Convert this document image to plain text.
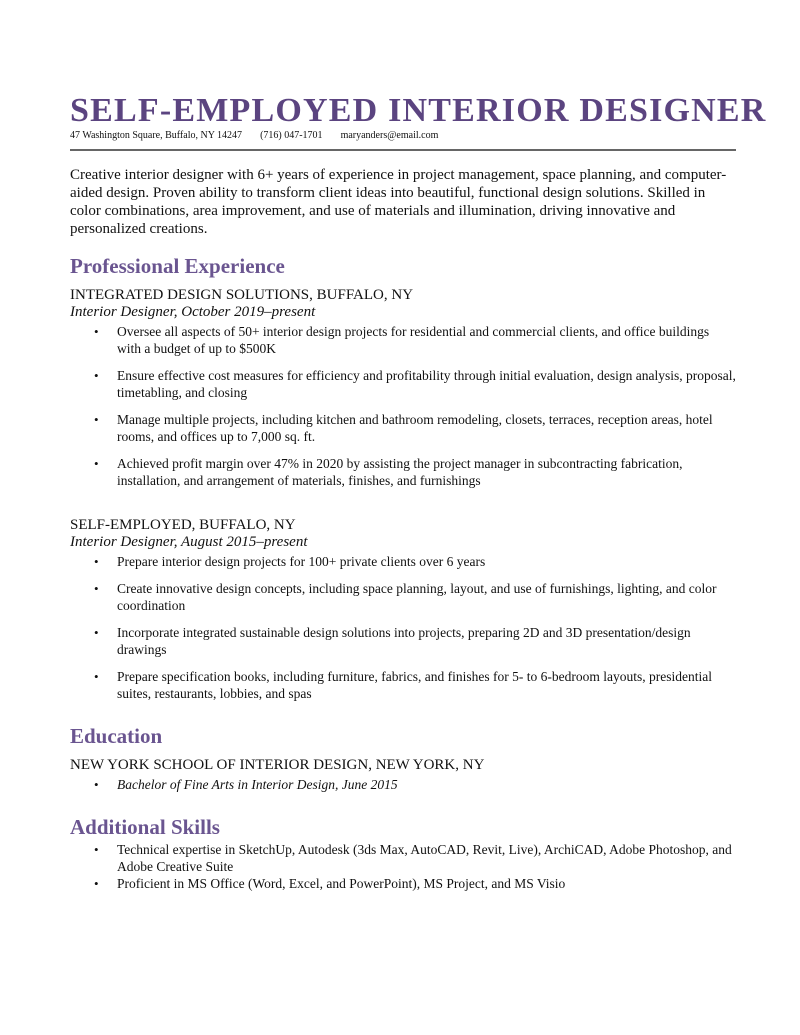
SELF-EMPLOYED INTERIOR DESIGNER
47 Washington Square, Buffalo, NY 14247 (716) 047-1701 maryanders@email.com
Creative interior designer with 6+ years of experience in project management, space planning, and computer-aided design. Proven ability to transform client ideas into beautiful, functional design solutions. Skilled in color combinations, area improvement, and use of materials and illumination, driving innovative and personalized creations.
Professional Experience
INTEGRATED DESIGN SOLUTIONS, BUFFALO, NY
Interior Designer, October 2019–present
• Oversee all aspects of 50+ interior design projects for residential and commercial clients, and office buildings with a budget of up to $500K
• Ensure effective cost measures for efficiency and profitability through initial evaluation, design analysis, proposal, timetabling, and closing
• Manage multiple projects, including kitchen and bathroom remodeling, closets, terraces, reception areas, hotel rooms, and offices up to 7,000 sq. ft.
• Achieved profit margin over 47% in 2020 by assisting the project manager in subcontracting fabrication, installation, and arrangement of materials, finishes, and furnishings
SELF-EMPLOYED, BUFFALO, NY
Interior Designer, August 2015–present
• Prepare interior design projects for 100+ private clients over 6 years
• Create innovative design concepts, including space planning, layout, and use of furnishings, lighting, and color coordination
• Incorporate integrated sustainable design solutions into projects, preparing 2D and 3D presentation/design drawings
• Prepare specification books, including furniture, fabrics, and finishes for 5- to 6-bedroom layouts, presidential suites, restaurants, lobbies, and spas
Education
NEW YORK SCHOOL OF INTERIOR DESIGN, NEW YORK, NY
• Bachelor of Fine Arts in Interior Design, June 2015
Additional Skills
• Technical expertise in SketchUp, Autodesk (3ds Max, AutoCAD, Revit, Live), ArchiCAD, Adobe Photoshop, and Adobe Creative Suite
• Proficient in MS Office (Word, Excel, and PowerPoint), MS Project, and MS Visio
